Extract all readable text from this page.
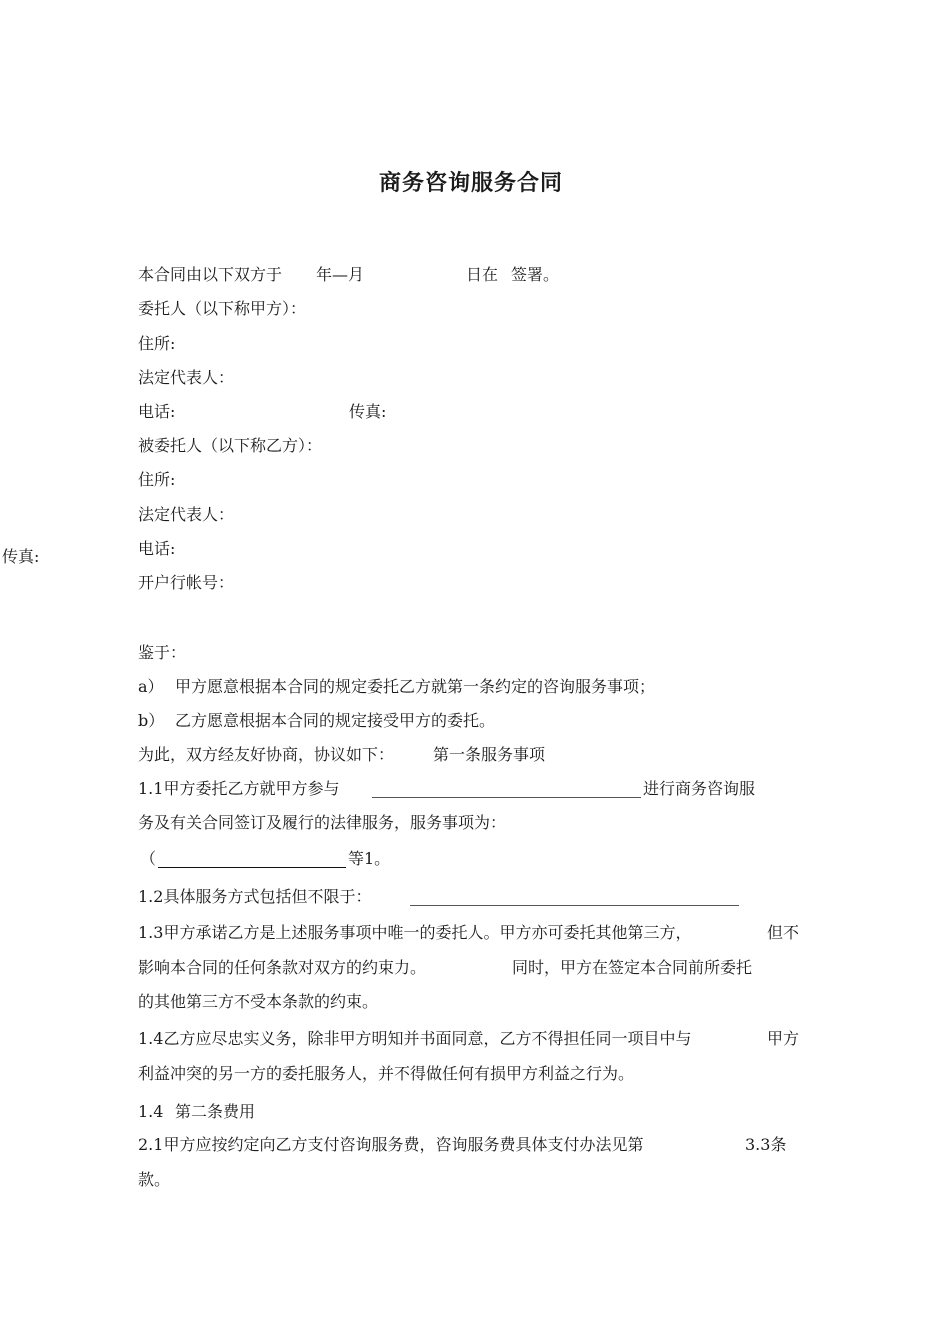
商务咨询服务合同
本合同由以下双方于 年—月	日在 签署。
委托人（以下称甲方）：
住所:
法定代表人：
电话:	传真:
被委托人（以下称乙方）：
住所:
法定代表人：
电话:
传真:
开户行帐号：
鉴于：
a） 甲方愿意根据本合同的规定委托乙方就第一条约定的咨询服务事项；
b） 乙方愿意根据本合同的规定接受甲方的委托。
为此，双方经友好协商，协议如下： 第一条服务事项
1.1甲方委托乙方就甲方参与	进行商务咨询服
务及有关合同签订及履行的法律服务，服务事项为：
（	等1。
1.2具体服务方式包括但不限于：
1.3甲方承诺乙方是上述服务事项中唯一的委托人。甲方亦可委托其他第三方，	但不
影响本合同的任何条款对双方的约束力。	同时，甲方在签定本合同前所委托
的其他第三方不受本条款的约束。
1.4乙方应尽忠实义务，除非甲方明知并书面同意，乙方不得担任同一项目中与	甲方
利益冲突的另一方的委托服务人，并不得做任何有损甲方利益之行为。
1.4 第二条费用
2.1甲方应按约定向乙方支付咨询服务费，咨询服务费具体支付办法见第	3.3条
款。
